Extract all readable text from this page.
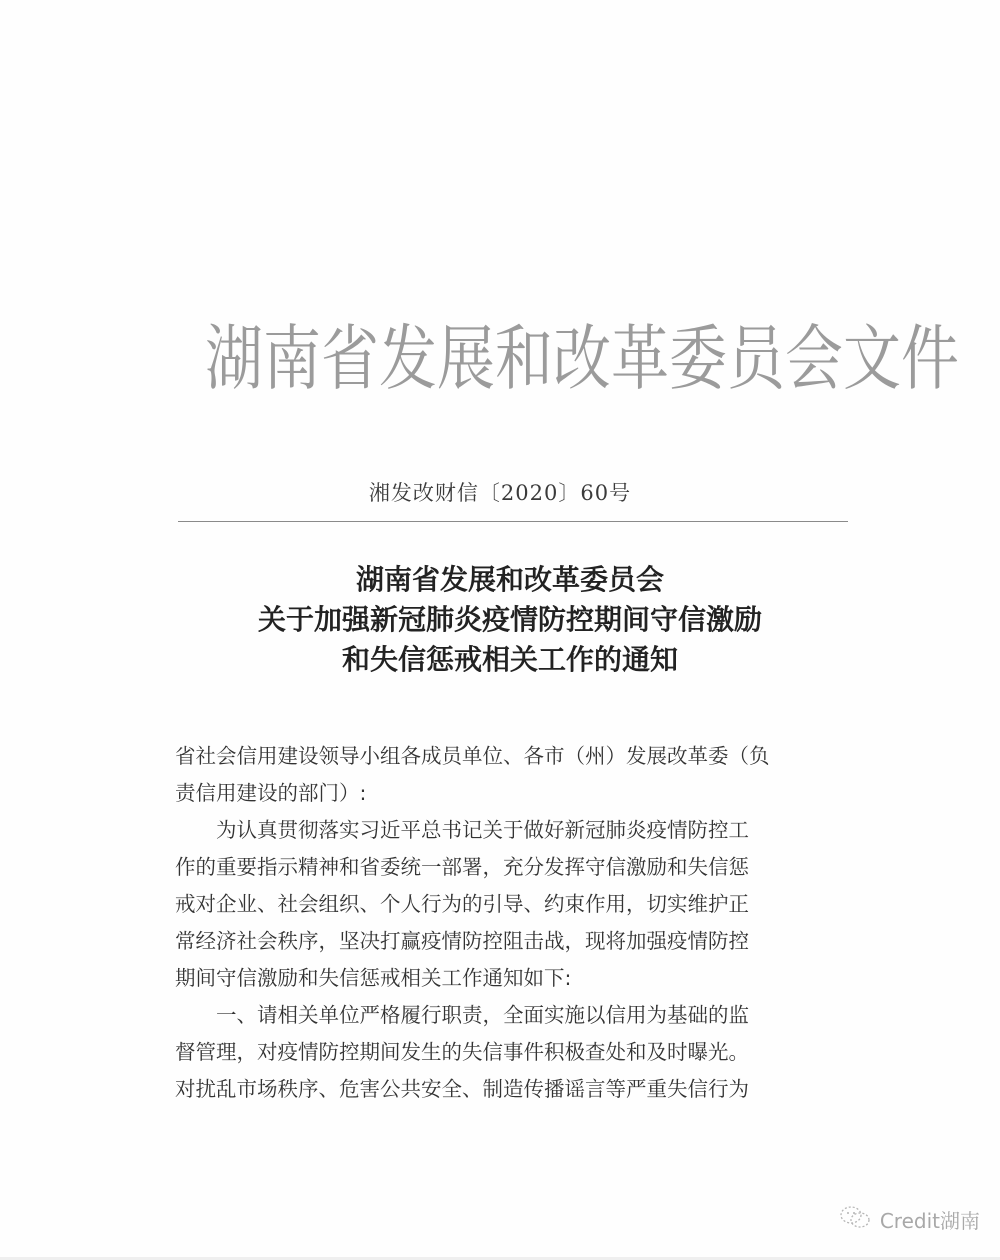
湖南省发展和改革委员会文件
湘发改财信〔2020〕60号
湖南省发展和改革委员会
关于加强新冠肺炎疫情防控期间守信激励
和失信惩戒相关工作的通知
省社会信用建设领导小组各成员单位、各市（州）发展改革委（负
责信用建设的部门）:
为认真贯彻落实习近平总书记关于做好新冠肺炎疫情防控工
作的重要指示精神和省委统一部署，充分发挥守信激励和失信惩
戒对企业、社会组织、个人行为的引导、约束作用，切实维护正
常经济社会秩序，坚决打赢疫情防控阻击战，现将加强疫情防控
期间守信激励和失信惩戒相关工作通知如下:
一、请相关单位严格履行职责，全面实施以信用为基础的监
督管理，对疫情防控期间发生的失信事件积极查处和及时曝光。
对扰乱市场秩序、危害公共安全、制造传播谣言等严重失信行为
Credit湖南
